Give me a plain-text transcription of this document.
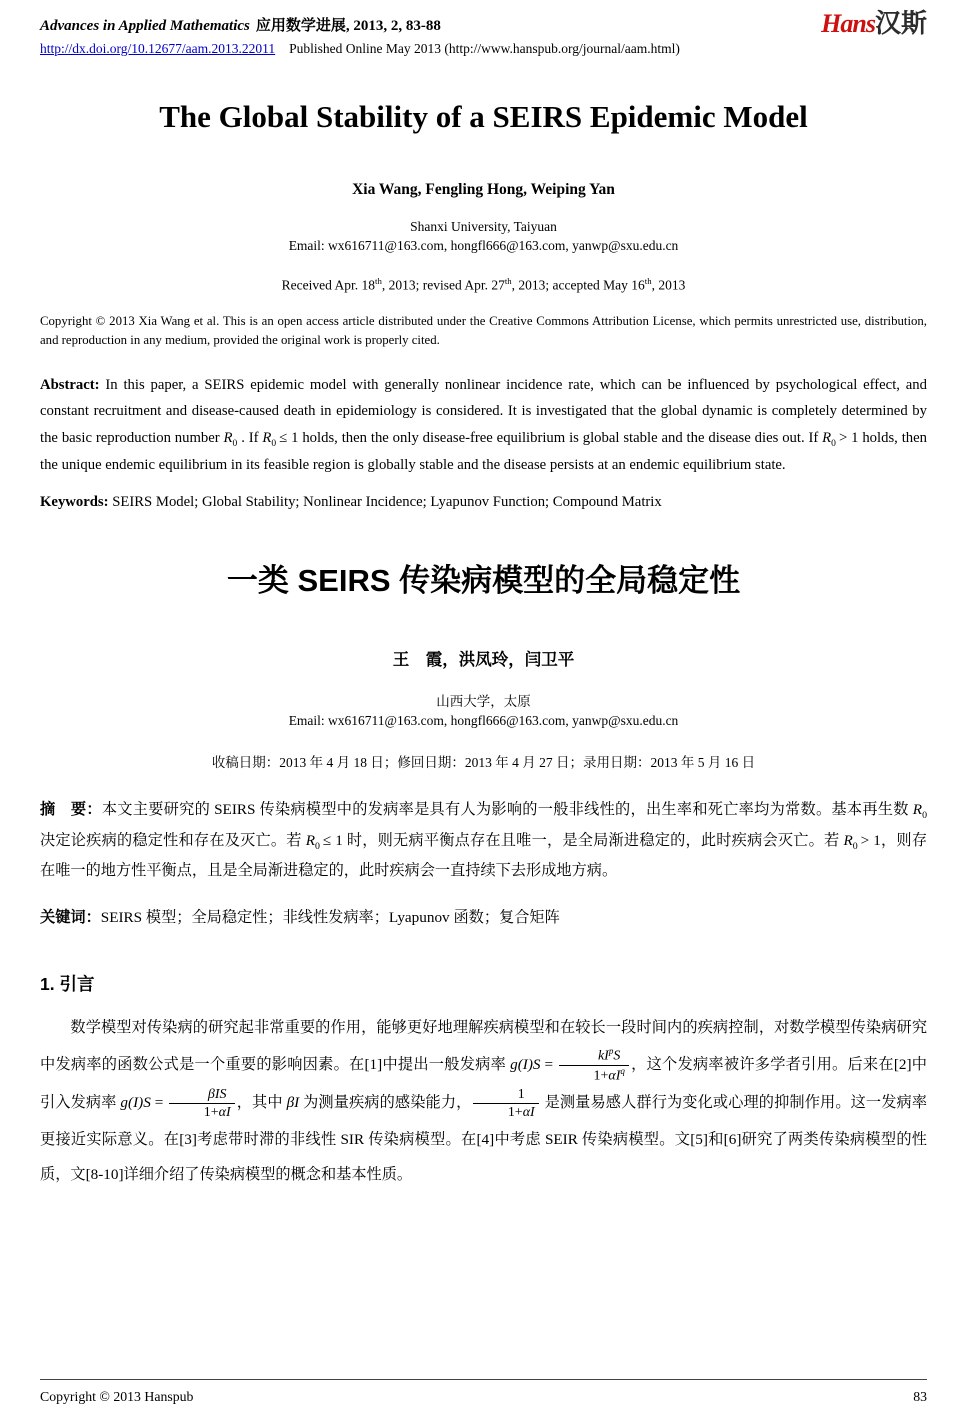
Advances in Applied Mathematics 应用数学进展, 2013, 2, 83-88	Hans汉斯
http://dx.doi.org/10.12677/aam.2013.22011 Published Online May 2013 (http://www.hanspub.org/journal/aam.html)
The Global Stability of a SEIRS Epidemic Model
Xia Wang, Fengling Hong, Weiping Yan
Shanxi University, Taiyuan
Email: wx616711@163.com, hongfl666@163.com, yanwp@sxu.edu.cn
Received Apr. 18th, 2013; revised Apr. 27th, 2013; accepted May 16th, 2013

Copyright © 2013 Xia Wang et al. This is an open access article distributed under the Creative Commons Attribution License, which permits unrestricted use, distribution, and reproduction in any medium, provided the original work is properly cited.

Abstract: In this paper, a SEIRS epidemic model with generally nonlinear incidence rate, which can be influenced by psychological effect, and constant recruitment and disease-caused death in epidemiology is considered. It is investigated that the global dynamic is completely determined by the basic reproduction number $R_0$ . If $R_0 \le 1$ holds, then the only disease-free equilibrium is global stable and the disease dies out. If $R_0 > 1$ holds, then the unique endemic equilibrium in its feasible region is globally stable and the disease persists at an endemic equilibrium state.

Keywords: SEIRS Model; Global Stability; Nonlinear Incidence; Lyapunov Function; Compound Matrix

一类 SEIRS 传染病模型的全局稳定性
王　霞，洪凤玲，闫卫平
山西大学，太原
Email: wx616711@163.com, hongfl666@163.com, yanwp@sxu.edu.cn
收稿日期：2013 年 4 月 18 日；修回日期：2013 年 4 月 27 日；录用日期：2013 年 5 月 16 日

摘　要：本文主要研究的 SEIRS 传染病模型中的发病率是具有人为影响的一般非线性的，出生率和死亡率均为常数。基本再生数 $R_0$ 决定论疾病的稳定性和存在及灭亡。若 $R_0 \le 1$ 时，则无病平衡点存在且唯一，是全局渐进稳定的，此时疾病会灭亡。若 $R_0 > 1$，则存在唯一的地方性平衡点，且是全局渐进稳定的，此时疾病会一直持续下去形成地方病。

关键词：SEIRS 模型；全局稳定性；非线性发病率；Lyapunov 函数；复合矩阵

1. 引言

数学模型对传染病的研究起非常重要的作用，能够更好地理解疾病模型和在较长一段时间内的疾病控制，对数学模型传染病研究中发病率的函数公式是一个重要的影响因素。在[1]中提出一般发病率 $g(I)S = \frac{kI^pS}{1+\alpha I^q}$ ，这个发病率被许多学者引用。后来在[2]中引入发病率 $g(I)S = \frac{\text{βIS}}{1+\alpha I}$ ，其中 βI 为测量疾病的感染能力， $\frac{1}{1+\alpha I}$ 是测量易感人群行为变化或心理的抑制作用。这一发病率更接近实际意义。在[3]考虑带时滞的非线性 SIR 传染病模型。在[4]中考虑 SEIR 传染病模型。文[5]和[6]研究了两类传染病模型的性质，文[8-10]详细介绍了传染病模型的概念和基本性质。

Copyright © 2013 Hanspub	83
